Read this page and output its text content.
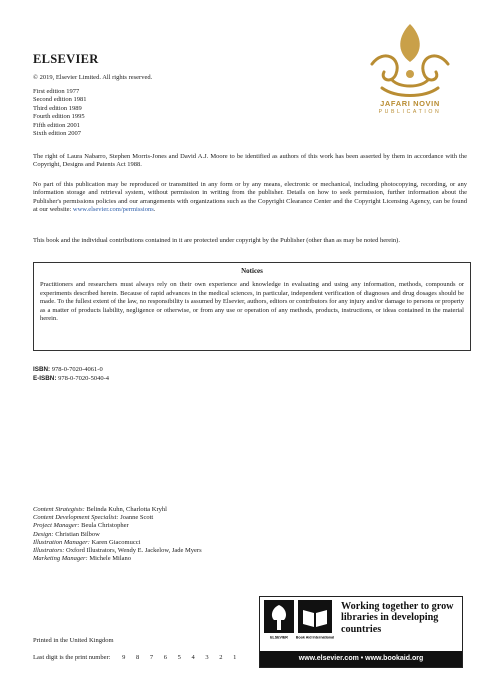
ELSEVIER
JAFARI NOVIN
PUBLICATION
© 2019, Elsevier Limited. All rights reserved.
First edition 1977
Second edition 1981
Third edition 1989
Fourth edition 1995
Fifth edition 2001
Sixth edition 2007

The right of Laura Nabarro, Stephen Morris-Jones and David A.J. Moore to be identified as authors of this work has been asserted by them in accordance with the Copyright, Designs and Patents Act 1988.

No part of this publication may be reproduced or transmitted in any form or by any means, electronic or mechanical, including photocopying, recording, or any information storage and retrieval system, without permission in writing from the publisher. Details on how to seek permission, further information about the Publisher's permissions policies and our arrangements with organizations such as the Copyright Clearance Center and the Copyright Licensing Agency, can be found at our website: www.elsevier.com/permissions.

This book and the individual contributions contained in it are protected under copyright by the Publisher (other than as may be noted herein).

Notices

Practitioners and researchers must always rely on their own experience and knowledge in evaluating and using any information, methods, compounds or experiments described herein. Because of rapid advances in the medical sciences, in particular, independent verification of diagnoses and drug dosages should be made. To the fullest extent of the law, no responsibility is assumed by Elsevier, authors, editors or contributors for any injury and/or damage to persons or property as a matter of products liability, negligence or otherwise, or from any use or operation of any methods, products, instructions, or ideas contained in the material herein.

ISBN: 978-0-7020-4061-0
E-ISBN: 978-0-7020-5040-4
Content Strategists: Belinda Kuhn, Charlotta Kryhl
Content Development Specialist: Joanne Scott
Project Manager: Beula Christopher
Design: Christian Bilbow
Illustration Manager: Karen Giacomucci
Illustrators: Oxford Illustrators, Wendy E. Jackelow, Jade Myers
Marketing Manager: Michele Milano
ELSEVIER Book Aid International
Working together to grow libraries in developing countries
www.elsevier.com • www.bookaid.org
Printed in the United Kingdom
Last digit is the print number: 9 8 7 6 5 4 3 2 1
